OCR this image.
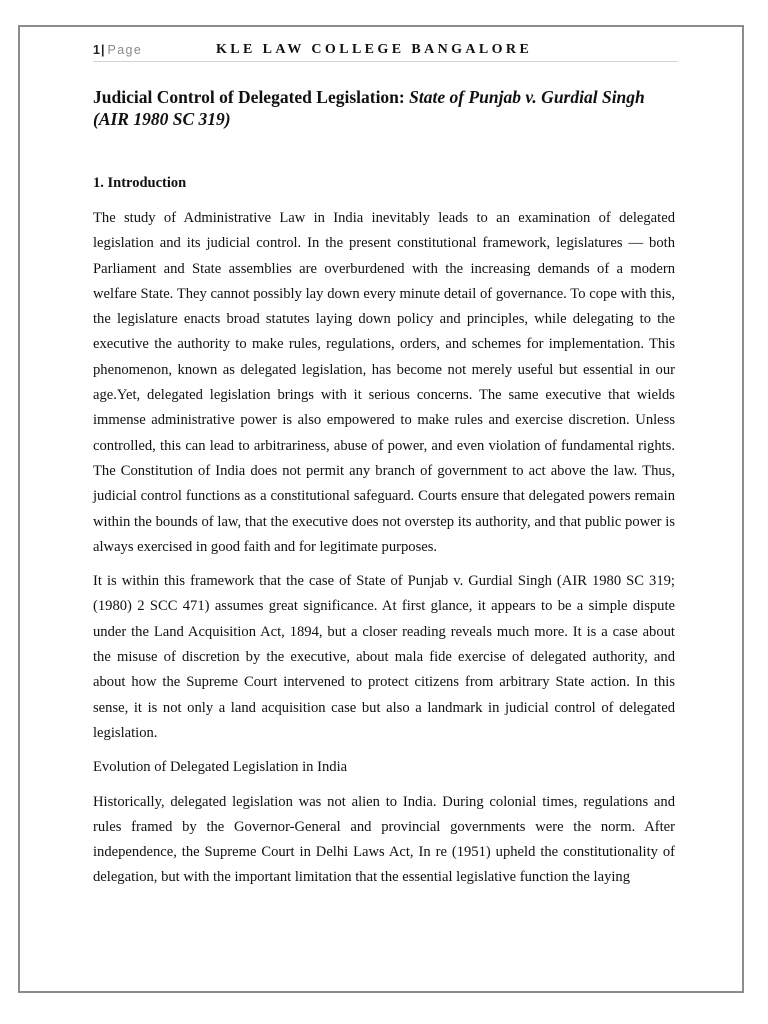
1| Page	KLE LAW COLLEGE BANGALORE
Judicial Control of Delegated Legislation: State of Punjab v. Gurdial Singh (AIR 1980 SC 319)
1. Introduction

The study of Administrative Law in India inevitably leads to an examination of delegated legislation and its judicial control. In the present constitutional framework, legislatures — both Parliament and State assemblies are overburdened with the increasing demands of a modern welfare State. They cannot possibly lay down every minute detail of governance. To cope with this, the legislature enacts broad statutes laying down policy and principles, while delegating to the executive the authority to make rules, regulations, orders, and schemes for implementation. This phenomenon, known as delegated legislation, has become not merely useful but essential in our age.Yet, delegated legislation brings with it serious concerns. The same executive that wields immense administrative power is also empowered to make rules and exercise discretion. Unless controlled, this can lead to arbitrariness, abuse of power, and even violation of fundamental rights. The Constitution of India does not permit any branch of government to act above the law. Thus, judicial control functions as a constitutional safeguard. Courts ensure that delegated powers remain within the bounds of law, that the executive does not overstep its authority, and that public power is always exercised in good faith and for legitimate purposes.

It is within this framework that the case of State of Punjab v. Gurdial Singh (AIR 1980 SC 319; (1980) 2 SCC 471) assumes great significance. At first glance, it appears to be a simple dispute under the Land Acquisition Act, 1894, but a closer reading reveals much more. It is a case about the misuse of discretion by the executive, about mala fide exercise of delegated authority, and about how the Supreme Court intervened to protect citizens from arbitrary State action. In this sense, it is not only a land acquisition case but also a landmark in judicial control of delegated legislation.

Evolution of Delegated Legislation in India

Historically, delegated legislation was not alien to India. During colonial times, regulations and rules framed by the Governor-General and provincial governments were the norm. After independence, the Supreme Court in Delhi Laws Act, In re (1951) upheld the constitutionality of delegation, but with the important limitation that the essential legislative function the laying
